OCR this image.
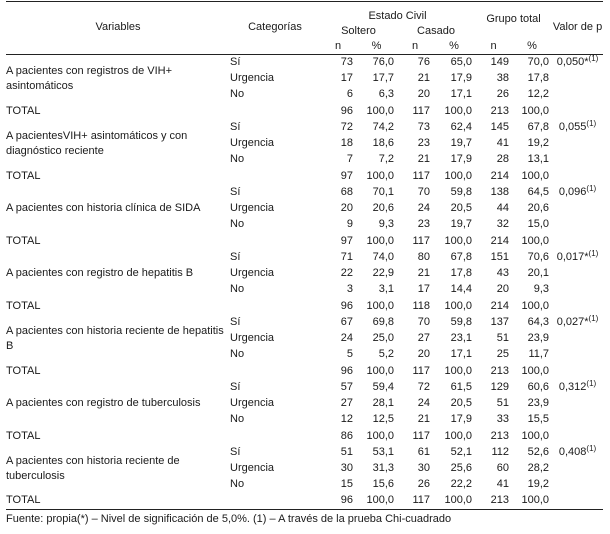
Variables	Categorías	Estado Civil				Grupo total		Valor de p
		Soltero		Casado				
		n	%	n	%	n	%	
A pacientes con registros de VIH+ asintomáticos	Sí	73	76,0	76	65,0	149	70,0	0,050*$^{(1)}$
	Urgencia	17	17,7	21	17,9	38	17,8	
	No	6	6,3	20	17,1	26	12,2	
TOTAL		96	100,0	117	100,0	213	100,0	
A pacientesVIH+ asintomáticos y con diagnóstico reciente	Sí	72	74,2	73	62,4	145	67,8	0,055$^{(1)}$
	Urgencia	18	18,6	23	19,7	41	19,2	
	No	7	7,2	21	17,9	28	13,1	
TOTAL		97	100,0	117	100,0	214	100,0	
A pacientes con historia clínica de SIDA	Sí	68	70,1	70	59,8	138	64,5	0,096$^{(1)}$
	Urgencia	20	20,6	24	20,5	44	20,6	
	No	9	9,3	23	19,7	32	15,0	
TOTAL		97	100,0	117	100,0	214	100,0	
A pacientes con registro de hepatitis B	Sí	71	74,0	80	67,8	151	70,6	0,017*$^{(1)}$
	Urgencia	22	22,9	21	17,8	43	20,1	
	No	3	3,1	17	14,4	20	9,3	
TOTAL		96	100,0	118	100,0	214	100,0	
A pacientes con historia reciente de hepatitis B	Sí	67	69,8	70	59,8	137	64,3	0,027*$^{(1)}$
	Urgencia	24	25,0	27	23,1	51	23,9	
	No	5	5,2	20	17,1	25	11,7	
TOTAL		96	100,0	117	100,0	213	100,0	
A pacientes con registro de tuberculosis	Sí	57	59,4	72	61,5	129	60,6	0,312$^{(1)}$
	Urgencia	27	28,1	24	20,5	51	23,9	
	No	12	12,5	21	17,9	33	15,5	
TOTAL		86	100,0	117	100,0	213	100,0	
A pacientes con historia reciente de tuberculosis	Sí	51	53,1	61	52,1	112	52,6	0,408$^{(1)}$
	Urgencia	30	31,3	30	25,6	60	28,2	
	No	15	15,6	26	22,2	41	19,2	
TOTAL		96	100,0	117	100,0	213	100,0	
Fuente: propia(*) – Nivel de significación de 5,0%. (1) – A través de la prueba Chi-cuadrado
